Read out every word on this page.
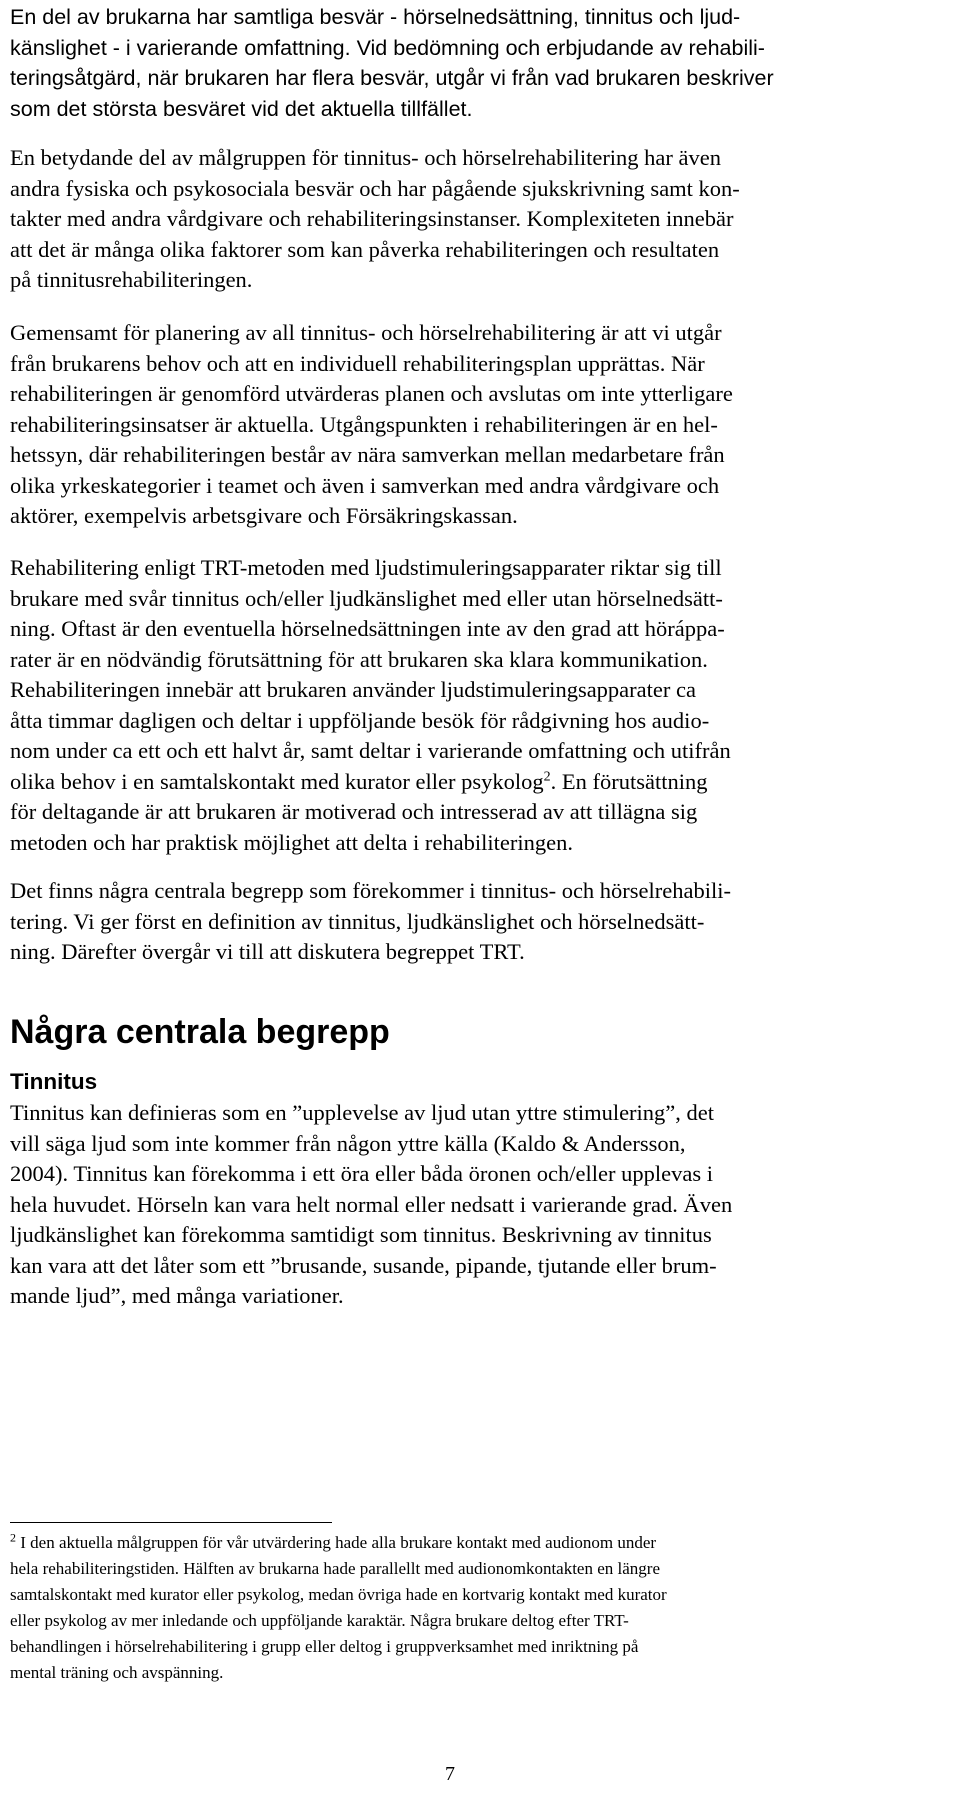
En del av brukarna har samtliga besvär - hörselnedsättning, tinnitus och ljud-
känslighet - i varierande omfattning. Vid bedömning och erbjudande av rehabili-
teringsåtgärd, när brukaren har flera besvär, utgår vi från vad brukaren beskriver
som det största besväret vid det aktuella tillfället.

En betydande del av målgruppen för tinnitus- och hörselrehabilitering har även
andra fysiska och psykosociala besvär och har pågående sjukskrivning samt kon-
takter med andra vårdgivare och rehabiliteringsinstanser. Komplexiteten innebär
att det är många olika faktorer som kan påverka rehabiliteringen och resultaten
på tinnitusrehabiliteringen.

Gemensamt för planering av all tinnitus- och hörselrehabilitering är att vi utgår
från brukarens behov och att en individuell rehabiliteringsplan upprättas. När
rehabiliteringen är genomförd utvärderas planen och avslutas om inte ytterligare
rehabiliteringsinsatser är aktuella. Utgångspunkten i rehabiliteringen är en hel-
hetssyn, där rehabiliteringen består av nära samverkan mellan medarbetare från
olika yrkeskategorier i teamet och även i samverkan med andra vårdgivare och
aktörer, exempelvis arbetsgivare och Försäkringskassan.

Rehabilitering enligt TRT-metoden med ljudstimuleringsapparater riktar sig till
brukare med svår tinnitus och/eller ljudkänslighet med eller utan hörselnedsätt-
ning. Oftast är den eventuella hörselnedsättningen inte av den grad att höráppa-
rater är en nödvändig förutsättning för att brukaren ska klara kommunikation.
Rehabiliteringen innebär att brukaren använder ljudstimuleringsapparater ca
åtta timmar dagligen och deltar i uppföljande besök för rådgivning hos audio-
nom under ca ett och ett halvt år, samt deltar i varierande omfattning och utifrån
olika behov i en samtalskontakt med kurator eller psykolog$^2$. En förutsättning
för deltagande är att brukaren är motiverad och intresserad av att tillägna sig
metoden och har praktisk möjlighet att delta i rehabiliteringen.

Det finns några centrala begrepp som förekommer i tinnitus- och hörselrehabili-
tering. Vi ger först en definition av tinnitus, ljudkänslighet och hörselnedsätt-
ning. Därefter övergår vi till att diskutera begreppet TRT.

Några centrala begrepp
Tinnitus

Tinnitus kan definieras som en ”upplevelse av ljud utan yttre stimulering”, det
vill säga ljud som inte kommer från någon yttre källa (Kaldo & Andersson,
2004). Tinnitus kan förekomma i ett öra eller båda öronen och/eller upplevas i
hela huvudet. Hörseln kan vara helt normal eller nedsatt i varierande grad. Även
ljudkänslighet kan förekomma samtidigt som tinnitus. Beskrivning av tinnitus
kan vara att det låter som ett ”brusande, susande, pipande, tjutande eller brum-
mande ljud”, med många variationer.

$^2$ I den aktuella målgruppen för vår utvärdering hade alla brukare kontakt med audionom under
hela rehabiliteringstiden. Hälften av brukarna hade parallellt med audionomkontakten en längre
samtalskontakt med kurator eller psykolog, medan övriga hade en kortvarig kontakt med kurator
eller psykolog av mer inledande och uppföljande karaktär. Några brukare deltog efter TRT-
behandlingen i hörselrehabilitering i grupp eller deltog i gruppverksamhet med inriktning på
mental träning och avspänning.

7
